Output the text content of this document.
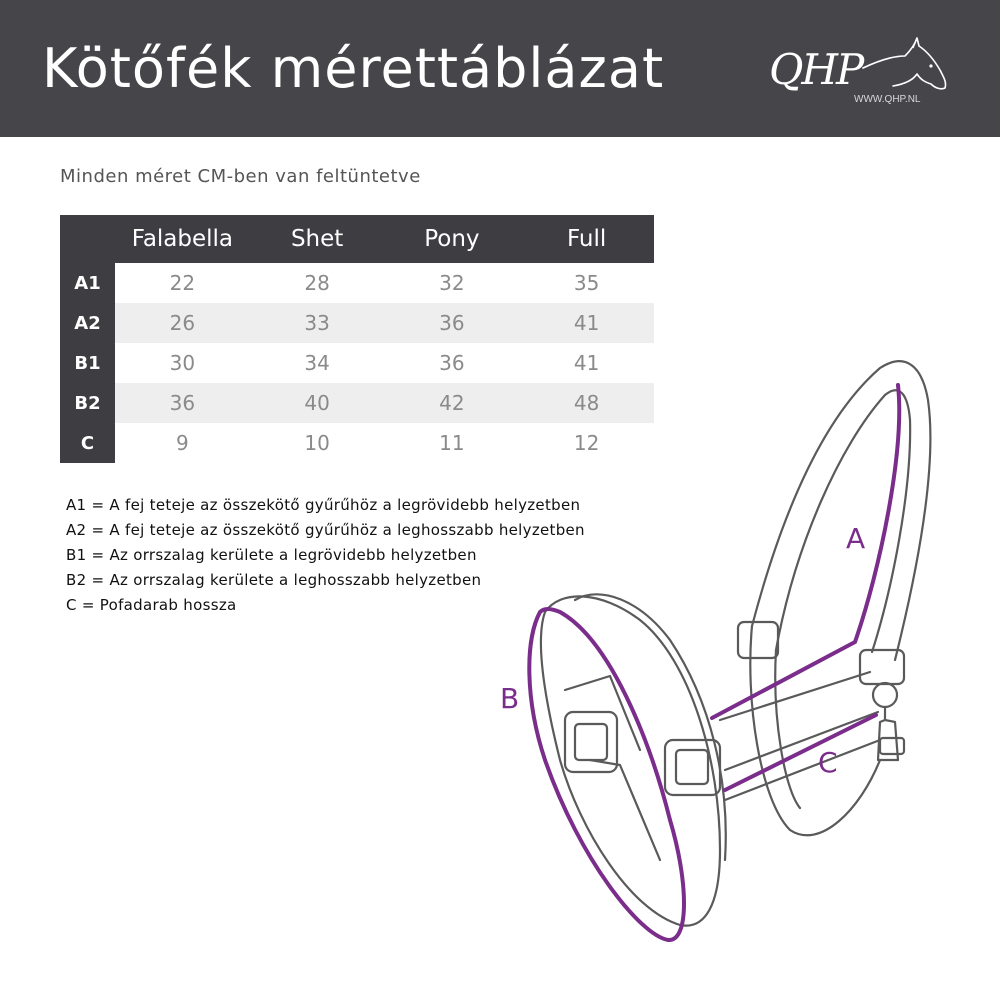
Kötőfék mérettáblázat QHP

WWW.QHP.NL

Minden méret CM-ben van feltüntetve

	Falabella	Shet	Pony	Full
A1	22	28	32	35
A2	26	33	36	41
B1	30	34	36	41
B2	36	40	42	48
C	9	10	11	12
A1 = A fej teteje az összekötő gyűrűhöz a legrövidebb helyzetben
A2 = A fej teteje az összekötő gyűrűhöz a leghosszabb helyzetben
B1 = Az orrszalag kerülete a legrövidebb helyzetben
B2 = Az orrszalag kerülete a leghosszabb helyzetben
C = Pofadarab hossza
A
B
C
